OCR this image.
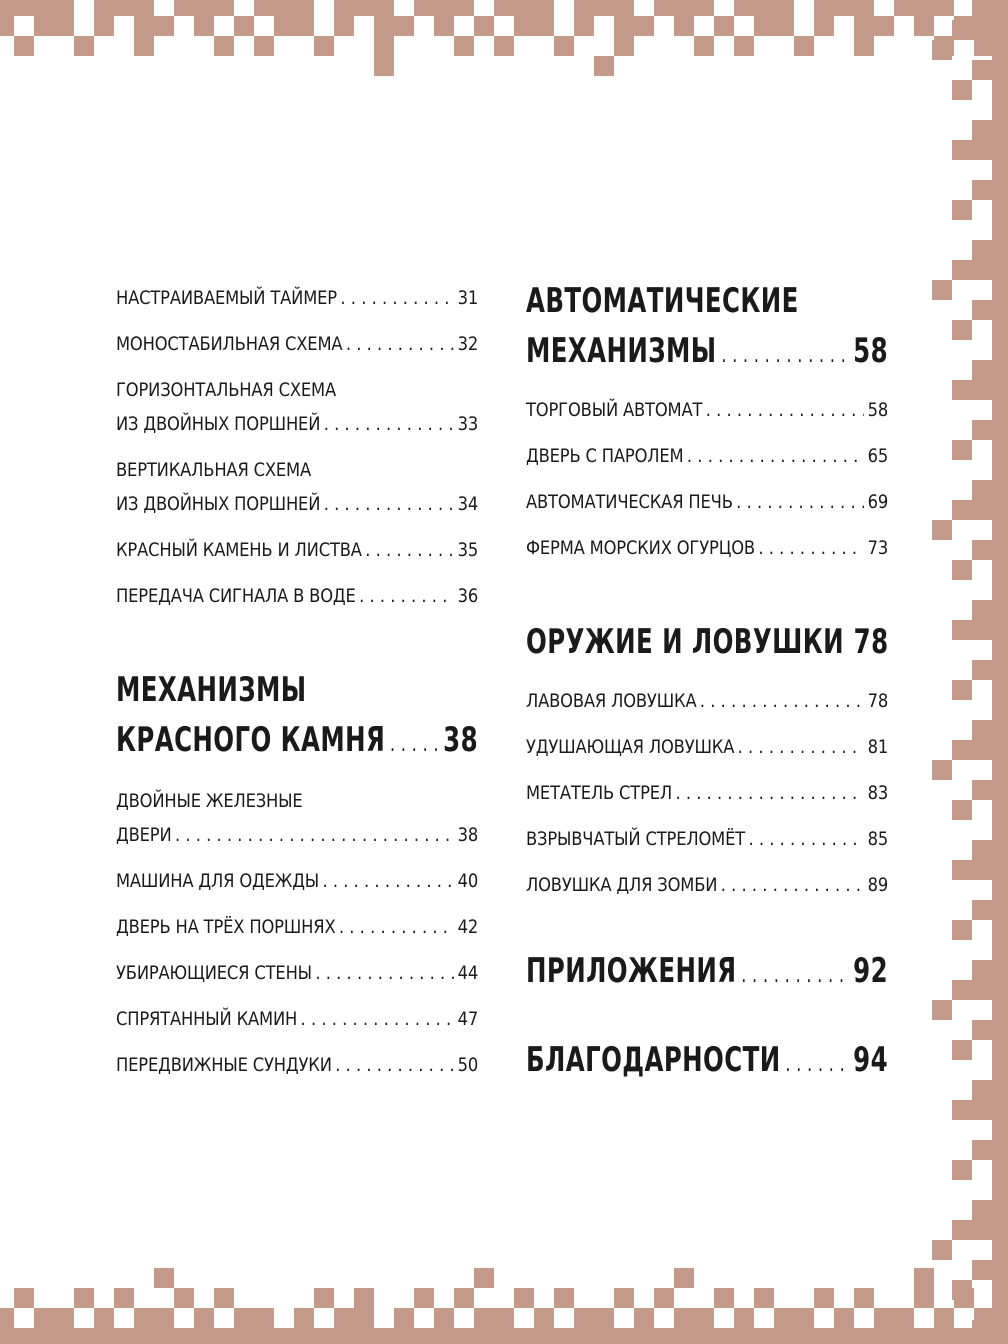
НАСТРАИВАЕМЫЙ ТАЙМЕР . . .	31
МОНОСТАБИЛЬНАЯ СХЕМА . . .	32
ГОРИЗОНТАЛЬНАЯ СХЕМА
ИЗ ДВОЙНЫХ ПОРШНЕЙ . . .	33
ВЕРТИКАЛЬНАЯ СХЕМА
ИЗ ДВОЙНЫХ ПОРШНЕЙ . . .	34
КРАСНЫЙ КАМЕНЬ И ЛИСТВА . . .	35
ПЕРЕДАЧА СИГНАЛА В ВОДЕ . . .	36
МЕХАНИЗМЫ
КРАСНОГО КАМНЯ . . . 38
ДВОЙНЫЕ ЖЕЛЕЗНЫЕ
ДВЕРИ . . .	38
МАШИНА ДЛЯ ОДЕЖДЫ . . .	40
ДВЕРЬ НА ТРЁХ ПОРШНЯХ . . .	42
УБИРАЮЩИЕСЯ СТЕНЫ . . .	44
СПРЯТАННЫЙ КАМИН . . .	47
ПЕРЕДВИЖНЫЕ СУНДУКИ . . .	50
АВТОМАТИЧЕСКИЕ
МЕХАНИЗМЫ . . .	58
ТОРГОВЫЙ АВТОМАТ . . .	58
ДВЕРЬ С ПАРОЛЕМ . . .	65
АВТОМАТИЧЕСКАЯ ПЕЧЬ . . .	69
ФЕРМА МОРСКИХ ОГУРЦОВ . . .	73
ОРУЖИЕ И ЛОВУШКИ 78
ЛАВОВАЯ ЛОВУШКА . . .	78
УДУШАЮЩАЯ ЛОВУШКА . . .	81
МЕТАТЕЛЬ СТРЕЛ . . .	83
ВЗРЫВЧАТЫЙ СТРЕЛОМЁТ . . .	85
ЛОВУШКА ДЛЯ ЗОМБИ . . .	89
ПРИЛОЖЕНИЯ . . .	92
БЛАГОДАРНОСТИ . . . 94
